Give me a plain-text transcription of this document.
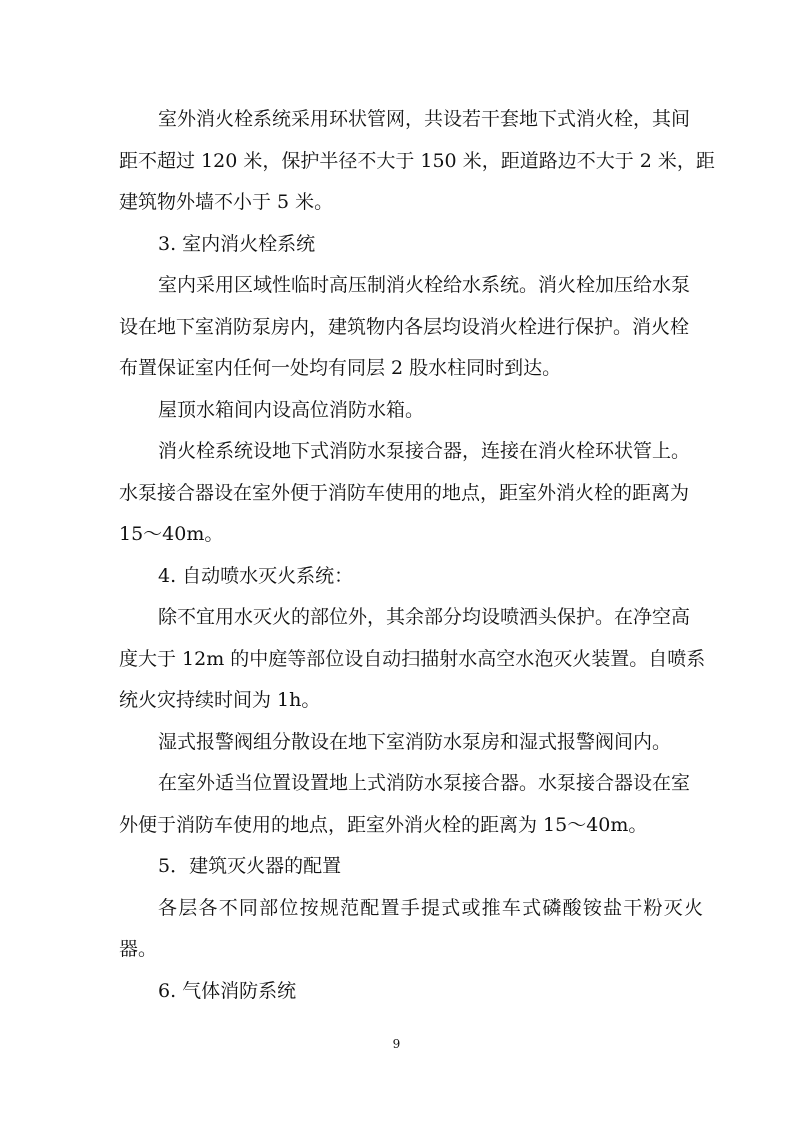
室外消火栓系统采用环状管网，共设若干套地下式消火栓，其间
距不超过 120 米，保护半径不大于 150 米，距道路边不大于 2 米，距
建筑物外墙不小于 5 米。
3. 室内消火栓系统
室内采用区域性临时高压制消火栓给水系统。消火栓加压给水泵
设在地下室消防泵房内，建筑物内各层均设消火栓进行保护。消火栓
布置保证室内任何一处均有同层 2 股水柱同时到达。
屋顶水箱间内设高位消防水箱。
消火栓系统设地下式消防水泵接合器，连接在消火栓环状管上。
水泵接合器设在室外便于消防车使用的地点，距室外消火栓的距离为
15～40m。
4. 自动喷水灭火系统：
除不宜用水灭火的部位外，其余部分均设喷洒头保护。在净空高
度大于 12m 的中庭等部位设自动扫描射水高空水泡灭火装置。自喷系
统火灾持续时间为 1h。
湿式报警阀组分散设在地下室消防水泵房和湿式报警阀间内。
在室外适当位置设置地上式消防水泵接合器。水泵接合器设在室
外便于消防车使用的地点，距室外消火栓的距离为 15～40m。
5．建筑灭火器的配置
各层各不同部位按规范配置手提式或推车式磷酸铵盐干粉灭火
器。
6. 气体消防系统
9
